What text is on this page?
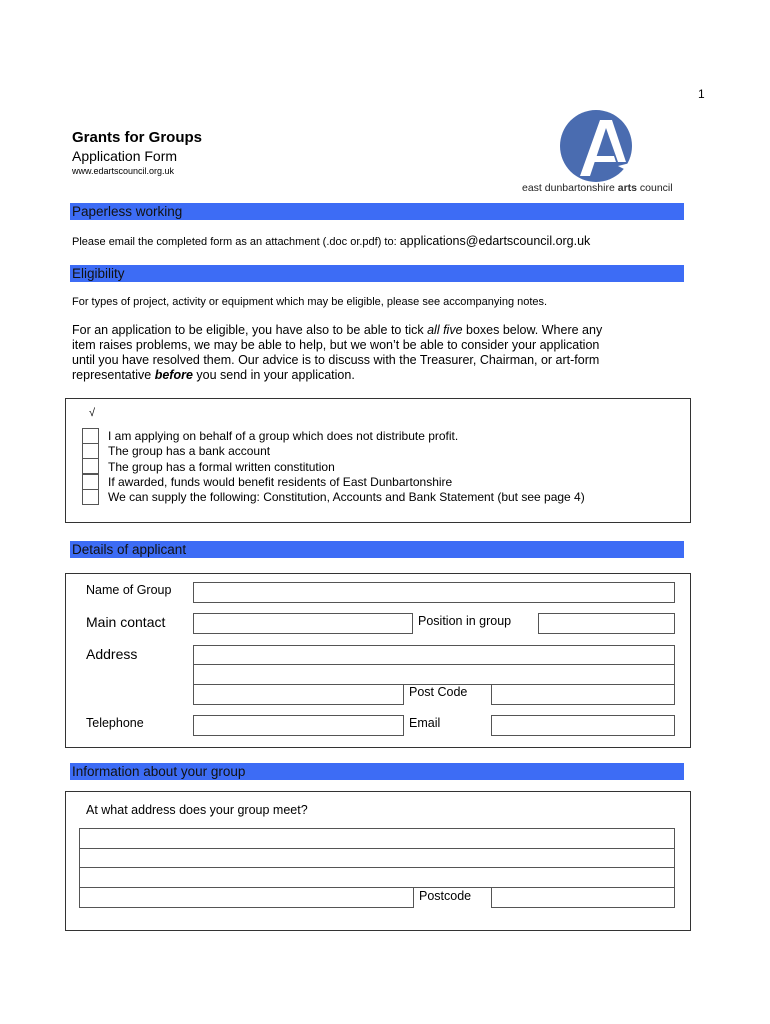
1
Grants for Groups
Application Form
www.edartscouncil.org.uk
east dunbartonshire arts council
Paperless working
Please email the completed form as an attachment (.doc or.pdf) to: applications@edartscouncil.org.uk
Eligibility
For types of project, activity or equipment which may be eligible, please see accompanying notes.
For an application to be eligible, you have also to be able to tick all five boxes below. Where any
item raises problems, we may be able to help, but we won’t be able to consider your application
until you have resolved them. Our advice is to discuss with the Treasurer, Chairman, or art-form
representative before you send in your application.
√
I am applying on behalf of a group which does not distribute profit.
The group has a bank account
The group has a formal written constitution
If awarded, funds would benefit residents of East Dunbartonshire
We can supply the following: Constitution, Accounts and Bank Statement (but see page 4)
Details of applicant
Name of Group
Main contact	Position in group
Address
Post Code
Telephone	Email
Information about your group
At what address does your group meet?
Postcode
